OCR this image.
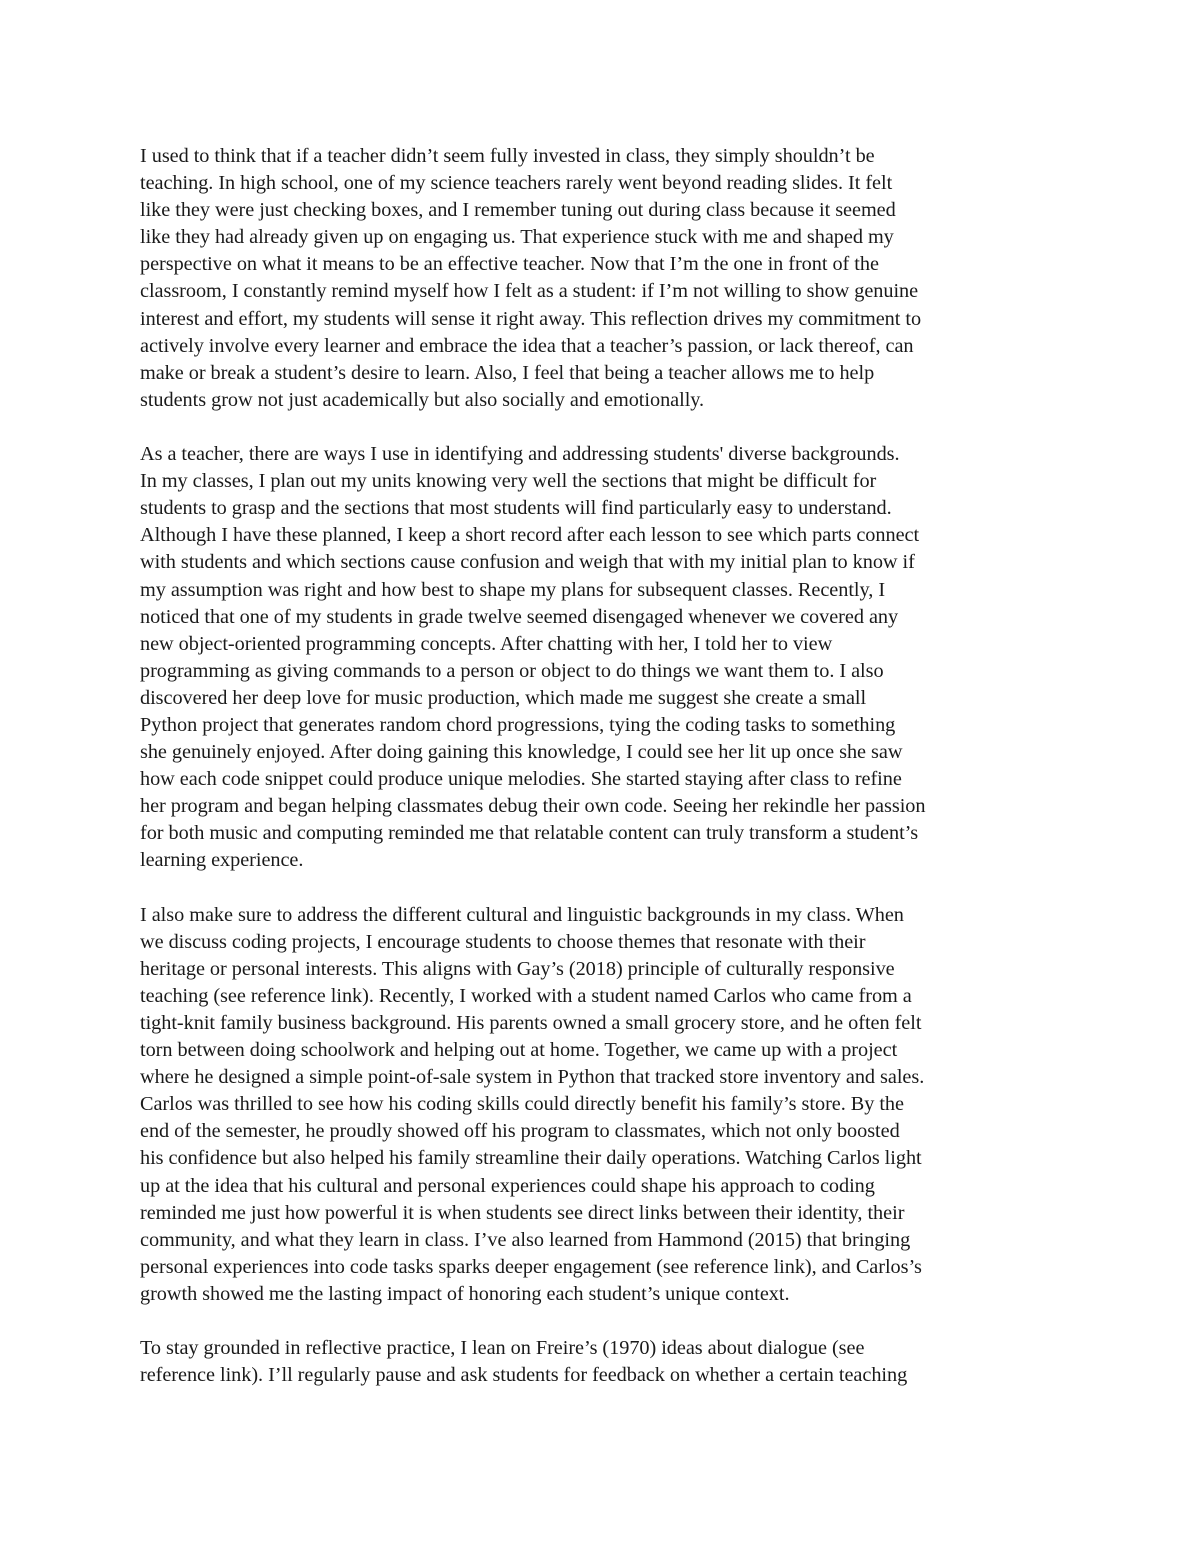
I used to think that if a teacher didn’t seem fully invested in class, they simply shouldn’t be
teaching. In high school, one of my science teachers rarely went beyond reading slides. It felt
like they were just checking boxes, and I remember tuning out during class because it seemed
like they had already given up on engaging us. That experience stuck with me and shaped my
perspective on what it means to be an effective teacher. Now that I’m the one in front of the
classroom, I constantly remind myself how I felt as a student: if I’m not willing to show genuine
interest and effort, my students will sense it right away. This reflection drives my commitment to
actively involve every learner and embrace the idea that a teacher’s passion, or lack thereof, can
make or break a student’s desire to learn. Also, I feel that being a teacher allows me to help
students grow not just academically but also socially and emotionally.

As a teacher, there are ways I use in identifying and addressing students' diverse backgrounds.
In my classes, I plan out my units knowing very well the sections that might be difficult for
students to grasp and the sections that most students will find particularly easy to understand.
Although I have these planned, I keep a short record after each lesson to see which parts connect
with students and which sections cause confusion and weigh that with my initial plan to know if
my assumption was right and how best to shape my plans for subsequent classes. Recently, I
noticed that one of my students in grade twelve seemed disengaged whenever we covered any
new object-oriented programming concepts. After chatting with her, I told her to view
programming as giving commands to a person or object to do things we want them to. I also
discovered her deep love for music production, which made me suggest she create a small
Python project that generates random chord progressions, tying the coding tasks to something
she genuinely enjoyed. After doing gaining this knowledge, I could see her lit up once she saw
how each code snippet could produce unique melodies. She started staying after class to refine
her program and began helping classmates debug their own code. Seeing her rekindle her passion
for both music and computing reminded me that relatable content can truly transform a student’s
learning experience.

I also make sure to address the different cultural and linguistic backgrounds in my class. When
we discuss coding projects, I encourage students to choose themes that resonate with their
heritage or personal interests. This aligns with Gay’s (2018) principle of culturally responsive
teaching (see reference link). Recently, I worked with a student named Carlos who came from a
tight-knit family business background. His parents owned a small grocery store, and he often felt
torn between doing schoolwork and helping out at home. Together, we came up with a project
where he designed a simple point-of-sale system in Python that tracked store inventory and sales.
Carlos was thrilled to see how his coding skills could directly benefit his family’s store. By the
end of the semester, he proudly showed off his program to classmates, which not only boosted
his confidence but also helped his family streamline their daily operations. Watching Carlos light
up at the idea that his cultural and personal experiences could shape his approach to coding
reminded me just how powerful it is when students see direct links between their identity, their
community, and what they learn in class. I’ve also learned from Hammond (2015) that bringing
personal experiences into code tasks sparks deeper engagement (see reference link), and Carlos’s
growth showed me the lasting impact of honoring each student’s unique context.

To stay grounded in reflective practice, I lean on Freire’s (1970) ideas about dialogue (see
reference link). I’ll regularly pause and ask students for feedback on whether a certain teaching
